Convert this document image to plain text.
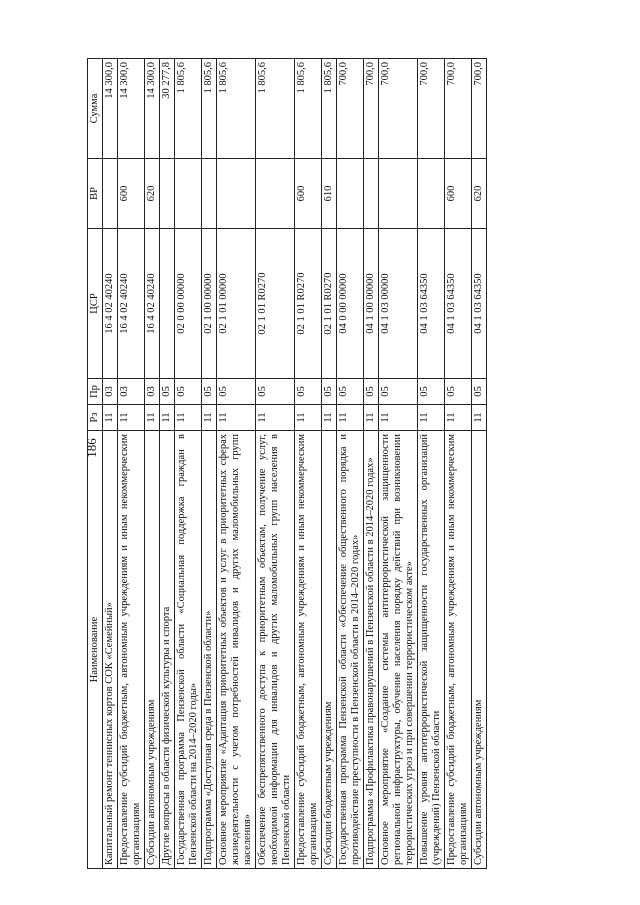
186
Наименование	Рз	Пр	ЦСР	ВР	Сумма
Капитальный ремонт теннисных кортов СОК «Семейный»	11	03	16 4 02 40240		14 300,0
Предоставление субсидий бюджетным, автономным учреждениям и иным некоммерческим организациям	11	03	16 4 02 40240	600	14 300,0
Субсидии автономным учреждениям	11	03	16 4 02 40240	620	14 300,0
Другие вопросы в области физической культуры и спорта	11	05			30 277,8
Государственная программа Пензенской области «Социальная поддержка граждан в Пензенской области на 2014–2020 годы»	11	05	02 0 00 00000		1 805,6
Подпрограмма «Доступная среда в Пензенской области»	11	05	02 1 00 00000		1 805,6
Основное мероприятие «Адаптация приоритетных объектов и услуг в приоритетных сферах жизнедеятельности с учетом потребностей инвалидов и других маломобильных групп населения»	11	05	02 1 01 00000		1 805,6
Обеспечение беспрепятственного доступа к приоритетным объектам, получение услуг, необходимой информации для инвалидов и других маломобильных групп населения в Пензенской области	11	05	02 1 01 R0270		1 805,6
Предоставление субсидий бюджетным, автономным учреждениям и иным некоммерческим организациям	11	05	02 1 01 R0270	600	1 805,6
Субсидии бюджетным учреждениям	11	05	02 1 01 R0270	610	1 805,6
Государственная программа Пензенской области «Обеспечение общественного порядка и противодействие преступности в Пензенской области в 2014–2020 годах»	11	05	04 0 00 00000		700,0
Подпрограмма «Профилактика правонарушений в Пензенской области в 2014–2020 годах»	11	05	04 1 00 00000		700,0
Основное мероприятие «Создание системы антитеррористической защищенности региональной инфраструктуры, обучение населения порядку действий при возникновении террористических угроз и при совершении террористическом акте»	11	05	04 1 03 00000		700,0
Повышение уровня антитеррористической защищенности государственных организаций (учреждений) Пензенской области	11	05	04 1 03 64350		700,0
Предоставление субсидий бюджетным, автономным учреждениям и иным некоммерческим организациям	11	05	04 1 03 64350	600	700,0
Субсидии автономным учреждениям	11	05	04 1 03 64350	620	700,0
